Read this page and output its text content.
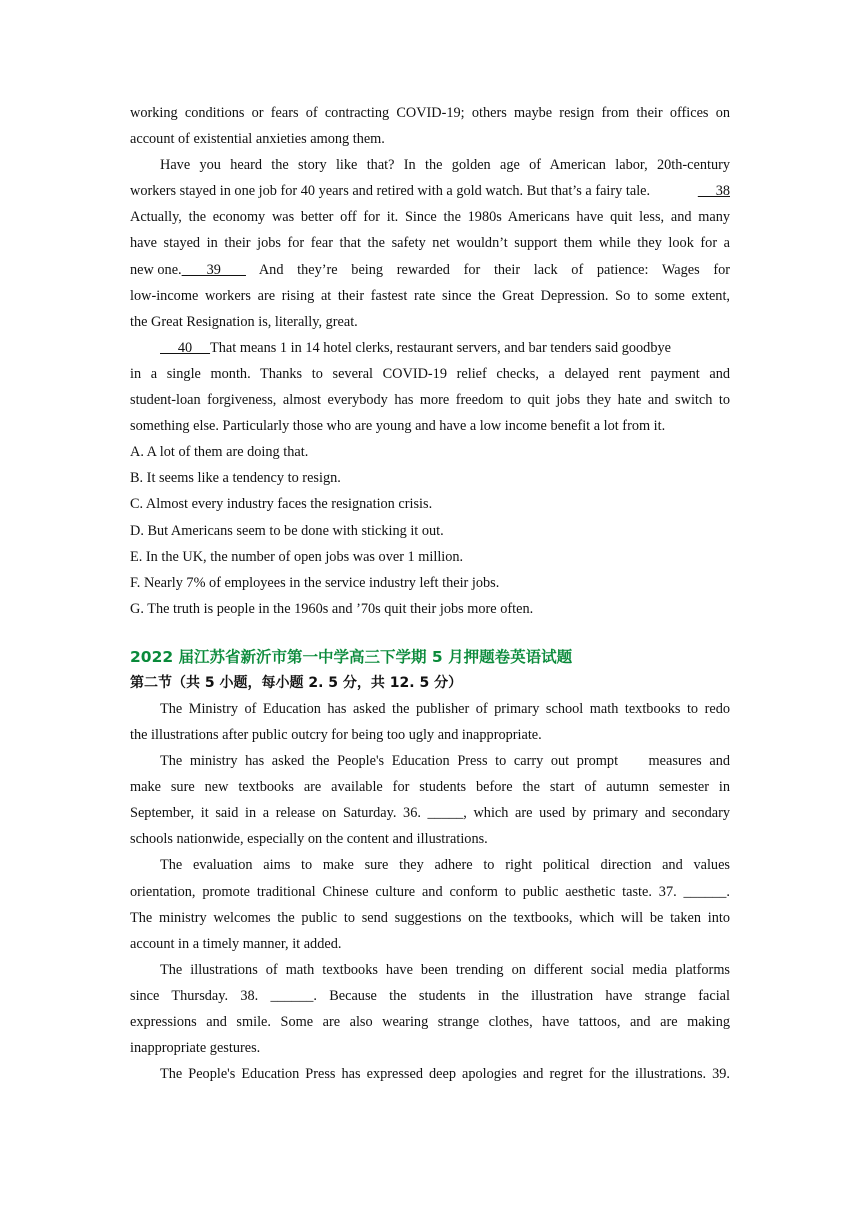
working conditions or fears of contracting COVID-19; others maybe resign from their offices on
account of existential anxieties among them.
Have you heard the story like that? In the golden age of American labor, 20th-century
workers stayed in one job for 40 years and retired with a gold watch. But that’s a fairy tale.	38
Actually, the economy was better off for it. Since the 1980s Americans have quit less, and many
have stayed in their jobs for fear that the safety net wouldn’t support them while they look for a
new one. 39 And they’re being rewarded for their lack of patience: Wages for
low-income workers are rising at their fastest rate since the Great Depression. So to some extent,
the Great Resignation is, literally, great.
40 That means 1 in 14 hotel clerks, restaurant servers, and bar tenders said goodbye
in a single month. Thanks to several COVID-19 relief checks, a delayed rent payment and
student-loan forgiveness, almost everybody has more freedom to quit jobs they hate and switch to
something else. Particularly those who are young and have a low income benefit a lot from it.
A. A lot of them are doing that.
B. It seems like a tendency to resign.
C. Almost every industry faces the resignation crisis.
D. But Americans seem to be done with sticking it out.
E. In the UK, the number of open jobs was over 1 million.
F. Nearly 7% of employees in the service industry left their jobs.
G. The truth is people in the 1960s and ’70s quit their jobs more often.
2022 届江苏省新沂市第一中学高三下学期 5 月押题卷英语试题
第二节（共 5 小题，每小题 2. 5 分，共 12. 5 分）
The Ministry of Education has asked the publisher of primary school math textbooks to redo
the illustrations after public outcry for being too ugly and inappropriate.
The ministry has asked the People's Education Press to carry out prompt    measures and
make sure new textbooks are available for students before the start of autumn semester in
September, it said in a release on Saturday. 36. _____, which are used by primary and secondary
schools nationwide, especially on the content and illustrations.
The evaluation aims to make sure they adhere to right political direction and values
orientation, promote traditional Chinese culture and conform to public aesthetic taste. 37. ______.
The ministry welcomes the public to send suggestions on the textbooks, which will be taken into
account in a timely manner, it added.
The illustrations of math textbooks have been trending on different social media platforms
since Thursday. 38. ______. Because the students in the illustration have strange facial
expressions and smile. Some are also wearing strange clothes, have tattoos, and are making
inappropriate gestures.
The People's Education Press has expressed deep apologies and regret for the illustrations. 39.
